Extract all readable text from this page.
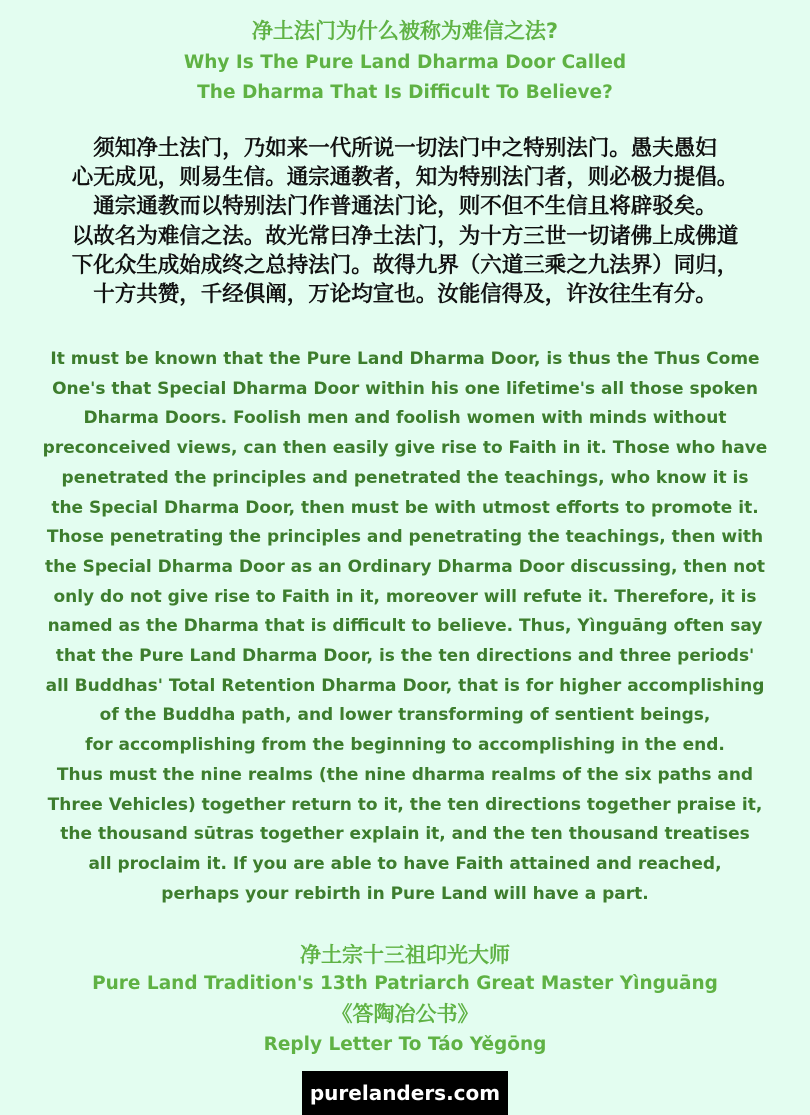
净土法门为什么被称为难信之法?
Why Is The Pure Land Dharma Door Called
The Dharma That Is Difficult To Believe?
须知净土法门，乃如来一代所说一切法门中之特别法门。愚夫愚妇
心无成见，则易生信。通宗通教者，知为特别法门者，则必极力提倡。
通宗通教而以特别法门作普通法门论，则不但不生信且将辟驳矣。
以故名为难信之法。故光常曰净土法门，为十方三世一切诸佛上成佛道
下化众生成始成终之总持法门。故得九界（六道三乘之九法界）同归，
十方共赞，千经俱阐，万论均宣也。汝能信得及，许汝往生有分。
It must be known that the Pure Land Dharma Door, is thus the Thus Come
One's that Special Dharma Door within his one lifetime's all those spoken
Dharma Doors. Foolish men and foolish women with minds without
preconceived views, can then easily give rise to Faith in it. Those who have
penetrated the principles and penetrated the teachings, who know it is
the Special Dharma Door, then must be with utmost efforts to promote it.
Those penetrating the principles and penetrating the teachings, then with
the Special Dharma Door as an Ordinary Dharma Door discussing, then not
only do not give rise to Faith in it, moreover will refute it. Therefore, it is
named as the Dharma that is difficult to believe. Thus, Yìnguāng often say
that the Pure Land Dharma Door, is the ten directions and three periods'
all Buddhas' Total Retention Dharma Door, that is for higher accomplishing
of the Buddha path, and lower transforming of sentient beings,
for accomplishing from the beginning to accomplishing in the end.
Thus must the nine realms (the nine dharma realms of the six paths and
Three Vehicles) together return to it, the ten directions together praise it,
the thousand sūtras together explain it, and the ten thousand treatises
all proclaim it. If you are able to have Faith attained and reached,
perhaps your rebirth in Pure Land will have a part.
净土宗十三祖印光大师
Pure Land Tradition's 13th Patriarch Great Master Yìnguāng
《答陶冶公书》
Reply Letter To Táo Yěgōng
purelanders.com
